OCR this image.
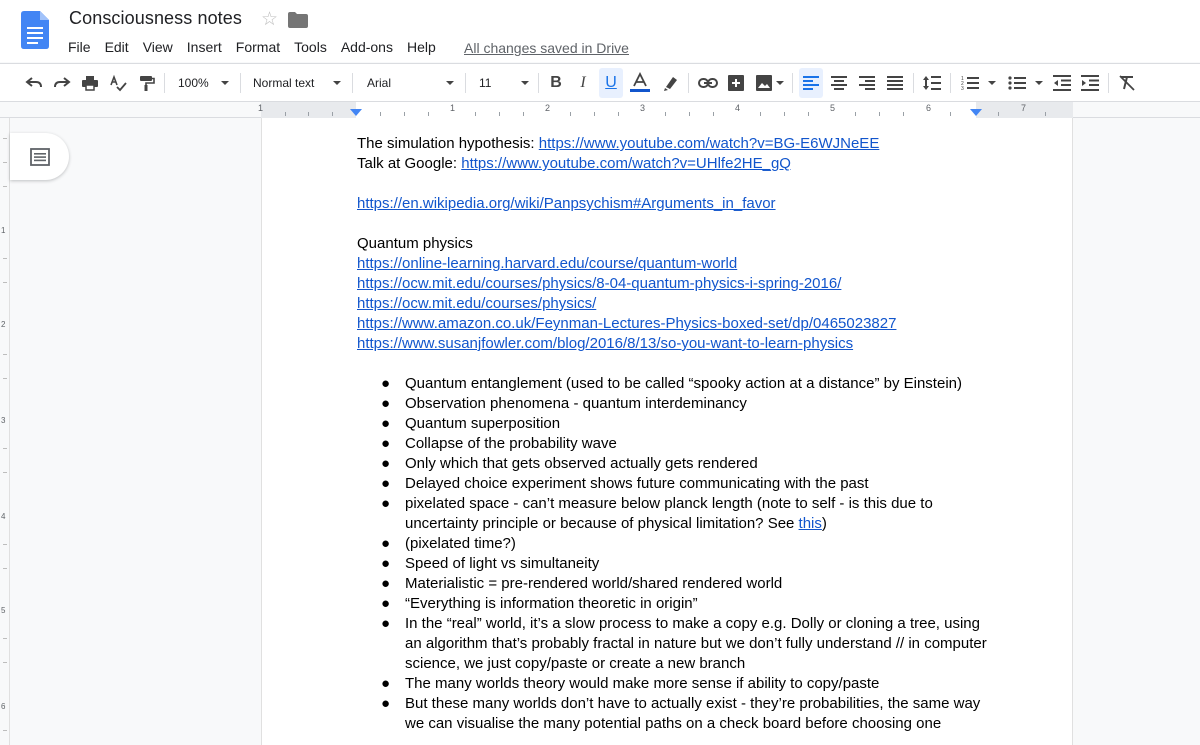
Consciousness notes ☆
File Edit View Insert Format Tools Add-ons Help All changes saved in Drive
100%	Normal text	Arial	11	B I U	1
2
3
1	1	2	3	4	5	6	7
1
2
3
4
5
6
The simulation hypothesis: https://www.youtube.com/watch?v=BG-E6WJNeEE
Talk at Google: https://www.youtube.com/watch?v=UHlfe2HE_gQ
https://en.wikipedia.org/wiki/Panpsychism#Arguments_in_favor
Quantum physics
https://online-learning.harvard.edu/course/quantum-world
https://ocw.mit.edu/courses/physics/8-04-quantum-physics-i-spring-2016/
https://ocw.mit.edu/courses/physics/
https://www.amazon.co.uk/Feynman-Lectures-Physics-boxed-set/dp/0465023827
https://www.susanjfowler.com/blog/2016/8/13/so-you-want-to-learn-physics
● Quantum entanglement (used to be called “spooky action at a distance” by Einstein)
● Observation phenomena - quantum interdeminancy
● Quantum superposition
● Collapse of the probability wave
● Only which that gets observed actually gets rendered
● Delayed choice experiment shows future communicating with the past
● pixelated space - can’t measure below planck length (note to self - is this due to
uncertainty principle or because of physical limitation? See this)
● (pixelated time?)
● Speed of light vs simultaneity
● Materialistic = pre-rendered world/shared rendered world
● “Everything is information theoretic in origin”
● In the “real” world, it’s a slow process to make a copy e.g. Dolly or cloning a tree, using
an algorithm that’s probably fractal in nature but we don’t fully understand // in computer
science, we just copy/paste or create a new branch
● The many worlds theory would make more sense if ability to copy/paste
● But these many worlds don’t have to actually exist - they’re probabilities, the same way
we can visualise the many potential paths on a check board before choosing one
